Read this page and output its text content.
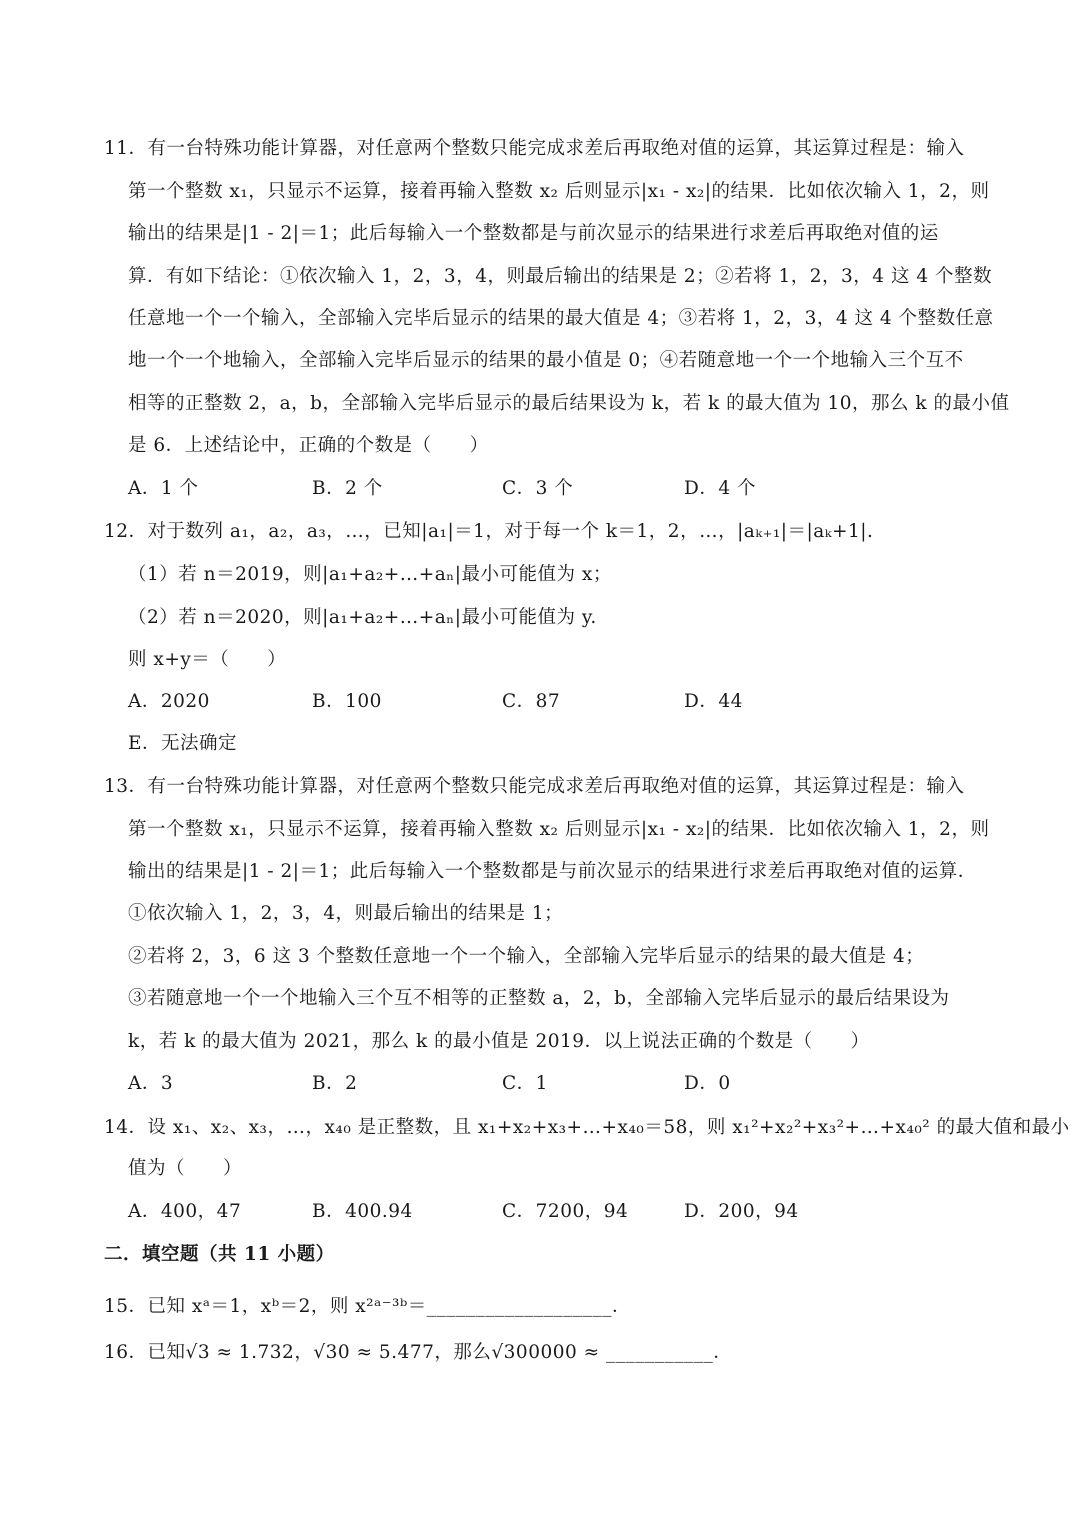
11．有一台特殊功能计算器，对任意两个整数只能完成求差后再取绝对值的运算，其运算过程是：输入
第一个整数 x₁，只显示不运算，接着再输入整数 x₂ 后则显示|x₁ - x₂|的结果．比如依次输入 1，2，则
输出的结果是|1 - 2|＝1；此后每输入一个整数都是与前次显示的结果进行求差后再取绝对值的运
算．有如下结论：①依次输入 1，2，3，4，则最后输出的结果是 2；②若将 1，2，3，4 这 4 个整数
任意地一个一个输入，全部输入完毕后显示的结果的最大值是 4；③若将 1，2，3，4 这 4 个整数任意
地一个一个地输入，全部输入完毕后显示的结果的最小值是 0；④若随意地一个一个地输入三个互不
相等的正整数 2，a，b，全部输入完毕后显示的最后结果设为 k，若 k 的最大值为 10，那么 k 的最小值
是 6．上述结论中，正确的个数是（　　）
A．1 个	B．2 个	C．3 个	D．4 个
12．对于数列 a₁，a₂，a₃，…，已知|a₁|＝1，对于每一个 k＝1，2，…，|aₖ₊₁|＝|aₖ+1|.
（1）若 n＝2019，则|a₁+a₂+…+aₙ|最小可能值为 x；
（2）若 n＝2020，则|a₁+a₂+…+aₙ|最小可能值为 y.
则 x+y＝（　　）
A．2020	B．100	C．87	D．44
E．无法确定
13．有一台特殊功能计算器，对任意两个整数只能完成求差后再取绝对值的运算，其运算过程是：输入
第一个整数 x₁，只显示不运算，接着再输入整数 x₂ 后则显示|x₁ - x₂|的结果．比如依次输入 1，2，则
输出的结果是|1 - 2|＝1；此后每输入一个整数都是与前次显示的结果进行求差后再取绝对值的运算．
①依次输入 1，2，3，4，则最后输出的结果是 1；
②若将 2，3，6 这 3 个整数任意地一个一个输入，全部输入完毕后显示的结果的最大值是 4；
③若随意地一个一个地输入三个互不相等的正整数 a，2，b，全部输入完毕后显示的最后结果设为
k，若 k 的最大值为 2021，那么 k 的最小值是 2019．以上说法正确的个数是（　　）
A．3	B．2	C．1	D．0
14．设 x₁、x₂、x₃，…，x₄₀ 是正整数，且 x₁+x₂+x₃+…+x₄₀＝58，则 x₁²+x₂²+x₃²+…+x₄₀² 的最大值和最小
值为（　　）
A．400，47	B．400.94	C．7200，94	D．200，94
二．填空题（共 11 小题）
15．已知 xᵃ＝1，xᵇ＝2，则 x²ᵃ⁻³ᵇ＝___________________．
16．已知√3 ≈ 1.732，√30 ≈ 5.477，那么√300000 ≈ ___________．
